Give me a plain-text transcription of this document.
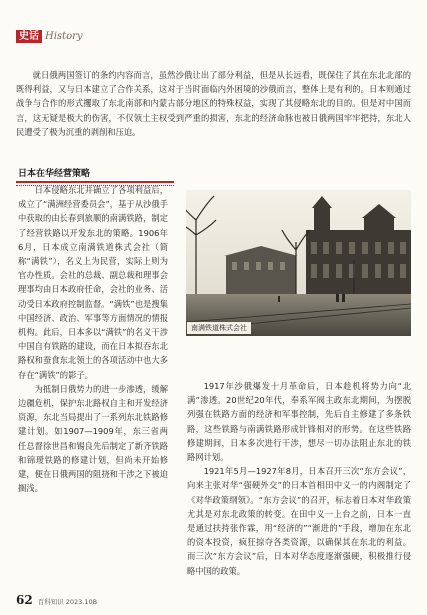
史话 History

就日俄两国签订的条约内容而言，虽然沙俄让出了部分利益，但是从长远看，既保住了其在东北北部的既得利益，又与日本建立了合作关系，这对于当时面临内外困境的沙俄而言，整体上是有利的。日本则通过战争与合作的形式攫取了东北南部和内蒙古部分地区的特殊权益，实现了其侵略东北的目的。但是对中国而言，这无疑是极大的伤害，不仅领土主权受到严重的损害，东北的经济命脉也被日俄两国牢牢把持，东北人民遭受了极为沉重的剥削和压迫。

日本在华经营策略

日本侵略东北并确立了各项利益后，成立了“满洲经营委员会”，基于从沙俄手中获取的由长春到旅顺的南满铁路，制定了经营铁路以开发东北的策略。1906年6月，日本成立南满铁道株式会社（简称“满铁”），名义上为民营，实际上则为官办性质。会社的总裁、副总裁和理事会理事均由日本政府任命，会社的业务、活动受日本政府控制监督。“满铁”也是搜集中国经济、政治、军事等方面情况的情报机构。此后，日本多以“满铁”的名义干涉中国自有铁路的建设，而在日本拟吞东北路权和蚕食东北领土的各项活动中也大多存在“满铁”的影子。

为抵制日俄势力的进一步渗透，缓解边疆危机，保护东北路权自主和开发经济资源，东北当局提出了一系列东北铁路修建计划。如1907—1909年，东三省两任总督徐世昌和锡良先后制定了新齐铁路和锦瑷铁路的修建计划，但尚未开始修建，便在日俄两国的阻挠和干涉之下被迫搁浅。

南满铁道株式会社

1917年沙俄爆发十月革命后，日本趁机将势力向“北满”渗透。20世纪20年代，奉系军阀主政东北期间，为摆脱列强在铁路方面的经济和军事控制，先后自主修建了多条铁路，这些铁路与南满铁路形成针锋相对的形势。在这些铁路修建期间，日本多次进行干涉，想尽一切办法阻止东北的铁路网计划。

1921年5月—1927年8月，日本召开三次“东方会议”，向来主张对华“强硬外交”的日本首相田中义一的内阁制定了《对华政策纲领》。“东方会议”的召开，标志着日本对华政策尤其是对东北政策的转变。在田中义一上台之前，日本一直是通过扶持张作霖，用“经济的”“渐进的”手段，增加在东北的资本投资，疯狂掠夺各类资源，以确保其在东北的利益。而三次“东方会议”后，日本对华态度逐渐强硬，积极推行侵略中国的政策。

62 百科知识 2023.10B
